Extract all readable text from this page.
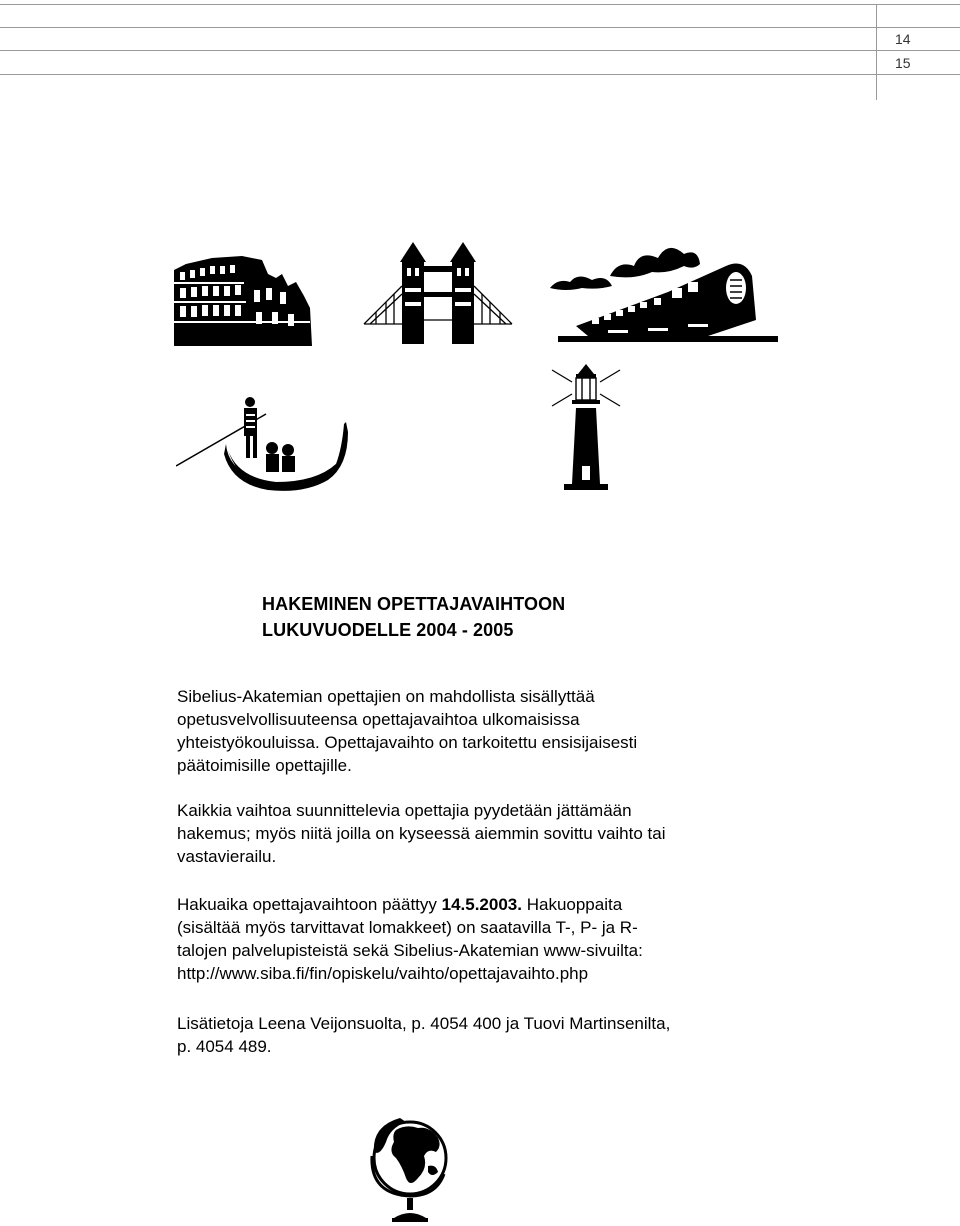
14
15
HAKEMINEN OPETTAJAVAIHTOON
LUKUVUODELLE 2004 - 2005
Sibelius-Akatemian opettajien on mahdollista sisällyttää
opetusvelvollisuuteensa opettajavaihtoa ulkomaisissa
yhteistyökouluissa. Opettajavaihto on tarkoitettu ensisijaisesti
päätoimisille opettajille.
Kaikkia vaihtoa suunnittelevia opettajia pyydetään jättämään
hakemus; myös niitä joilla on kyseessä aiemmin sovittu vaihto tai
vastavierailu.
Hakuaika opettajavaihtoon päättyy 14.5.2003. Hakuoppaita
(sisältää myös tarvittavat lomakkeet) on saatavilla T-, P- ja R-
talojen palvelupisteistä sekä Sibelius-Akatemian www-sivuilta:
http://www.siba.fi/fin/opiskelu/vaihto/opettajavaihto.php
Lisätietoja Leena Veijonsuolta, p. 4054 400 ja Tuovi Martinsenilta,
p. 4054 489.
